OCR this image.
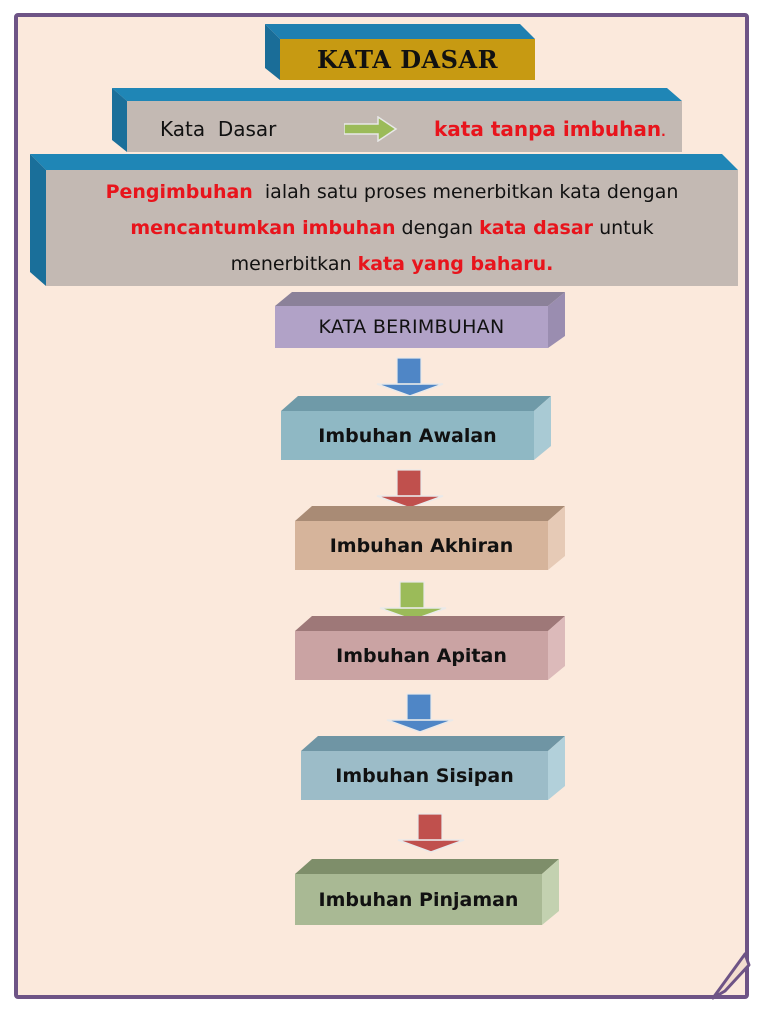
KATA DASAR
Kata  Dasar	kata tanpa imbuhan.
Pengimbuhan ialah satu proses menerbitkan kata dengan
mencantumkan imbuhan dengan kata dasar untuk
menerbitkan kata yang baharu.
KATA BERIMBUHAN
Imbuhan Awalan
Imbuhan Akhiran
Imbuhan Apitan
Imbuhan Sisipan
Imbuhan Pinjaman
